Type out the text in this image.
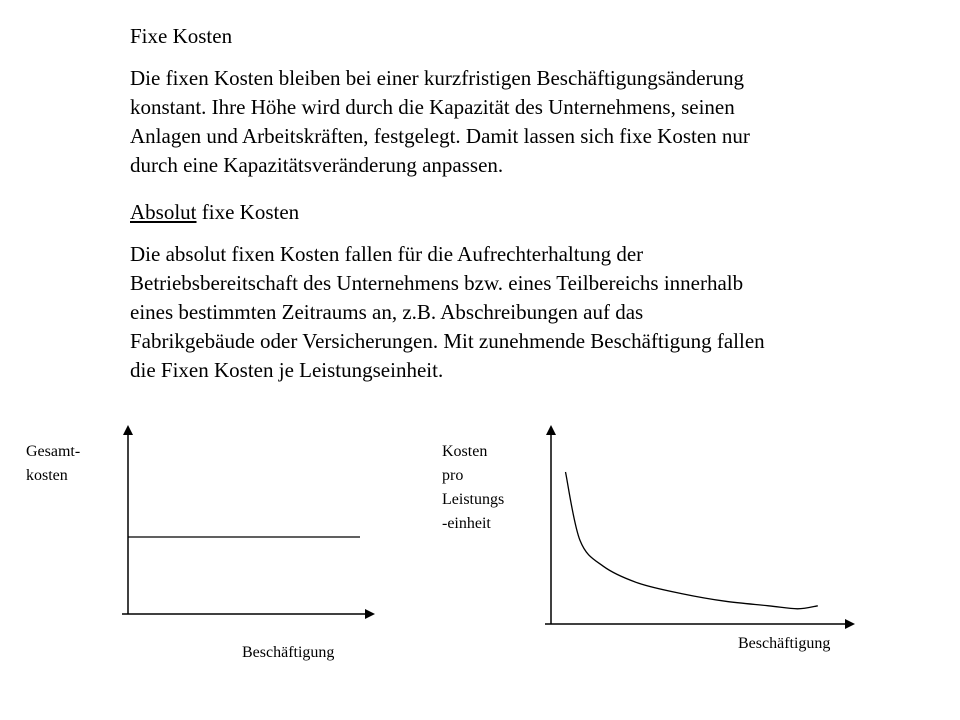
Fixe Kosten

Die fixen Kosten bleiben bei einer kurzfristigen Beschäftigungsänderung
konstant. Ihre Höhe wird durch die Kapazität des Unternehmens, seinen
Anlagen und Arbeitskräften, festgelegt. Damit lassen sich fixe Kosten nur
durch eine Kapazitätsveränderung anpassen.

Absolut fixe Kosten

Die absolut fixen Kosten fallen für die Aufrechterhaltung der
Betriebsbereitschaft des Unternehmens bzw. eines Teilbereichs innerhalb
eines bestimmten Zeitraums an, z.B. Abschreibungen auf das
Fabrikgebäude oder Versicherungen. Mit zunehmende Beschäftigung fallen
die Fixen Kosten je Leistungseinheit.

Gesamt-
kosten
Beschäftigung
Kosten
pro
Leistungs
-einheit
Beschäftigung
